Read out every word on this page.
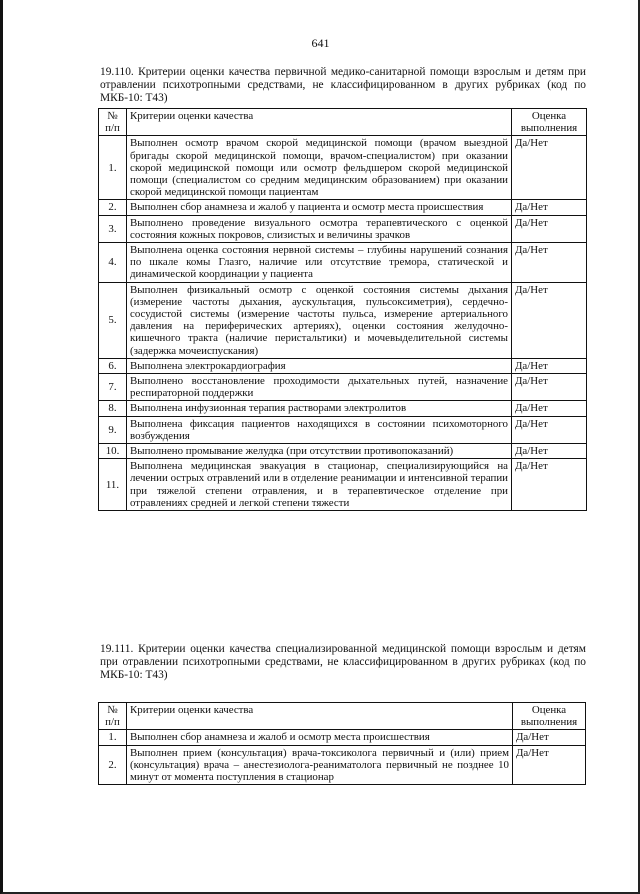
641
19.110. Критерии оценки качества первичной медико-санитарной помощи взрослым и детям при отравлении психотропными средствами, не классифицированном в других рубриках (код по МКБ-10: T43)
№ п/п	Критерии оценки качества	Оценка выполнения
1.	Выполнен осмотр врачом скорой медицинской помощи (врачом выездной бригады скорой медицинской помощи, врачом-специалистом) при оказании скорой медицинской помощи или осмотр фельдшером скорой медицинской помощи (специалистом со средним медицинским образованием) при оказании скорой медицинской помощи пациентам	Да/Нет
2.	Выполнен сбор анамнеза и жалоб у пациента и осмотр места происшествия	Да/Нет
3.	Выполнено проведение визуального осмотра терапевтического с оценкой состояния кожных покровов, слизистых и величины зрачков	Да/Нет
4.	Выполнена оценка состояния нервной системы – глубины нарушений сознания по шкале комы Глазго, наличие или отсутствие тремора, статической и динамической координации у пациента	Да/Нет
5.	Выполнен физикальный осмотр с оценкой состояния системы дыхания (измерение частоты дыхания, аускультация, пульсоксиметрия), сердечно-сосудистой системы (измерение частоты пульса, измерение артериального давления на периферических артериях), оценки состояния желудочно-кишечного тракта (наличие перистальтики) и мочевыделительной системы (задержка мочеиспускания)	Да/Нет
6.	Выполнена электрокардиография	Да/Нет
7.	Выполнено восстановление проходимости дыхательных путей, назначение респираторной поддержки	Да/Нет
8.	Выполнена инфузионная терапия растворами электролитов	Да/Нет
9.	Выполнена фиксация пациентов находящихся в состоянии психомоторного возбуждения	Да/Нет
10.	Выполнено промывание желудка (при отсутствии противопоказаний)	Да/Нет
11.	Выполнена медицинская эвакуация в стационар, специализирующийся на лечении острых отравлений или в отделение реанимации и интенсивной терапии при тяжелой степени отравления, и в терапевтическое отделение при отравлениях средней и легкой степени тяжести	Да/Нет
19.111. Критерии оценки качества специализированной медицинской помощи взрослым и детям при отравлении психотропными средствами, не классифицированном в других рубриках (код по МКБ-10: T43)
№ п/п	Критерии оценки качества	Оценка выполнения
1.	Выполнен сбор анамнеза и жалоб и осмотр места происшествия	Да/Нет
2.	Выполнен прием (консультация) врача-токсиколога первичный и (или) прием (консультация) врача – анестезиолога-реаниматолога первичный не позднее 10 минут от момента поступления в стационар	Да/Нет
